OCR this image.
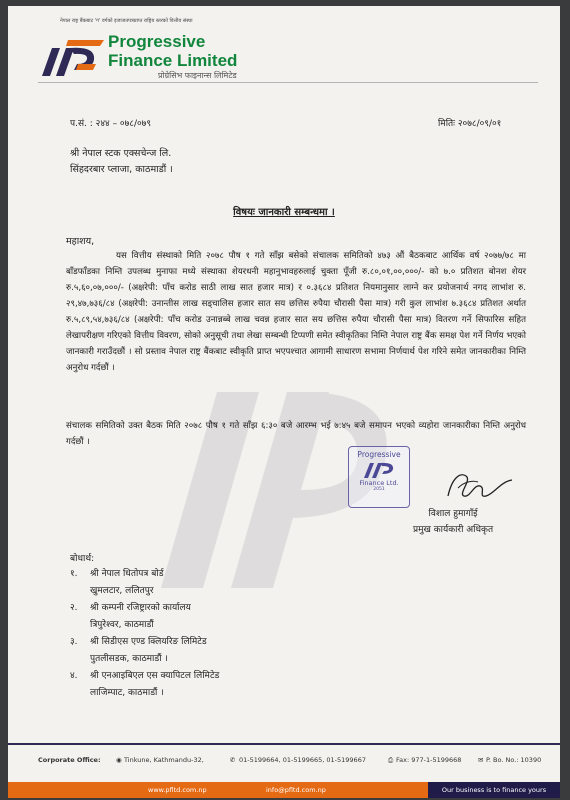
नेपाल राष्ट्र बैंकबाट 'ग' वर्गको इजाजतपत्रप्राप्त राष्ट्रिय स्तरको वित्तीय संस्था
Progressive
Finance Limited
प्रोग्रेसिभ फाइनान्स लिमिटेड
प.सं. : २४४ – ०७८/०७९	मितिः २०७८/०९/०१
श्री नेपाल स्टक एक्सचेन्ज लि.
सिंहदरबार प्लाजा, काठमाडौं ।
विषयः जानकारी सम्बन्धमा ।
महाशय,

यस वित्तीय संस्थाको मिति २०७८ पौष १ गते साँझ बसेको संचालक समितिको ४७३ औं बैठकबाट आर्थिक वर्ष २०७७/७८ मा बाँडफाँडका निम्ति उपलब्ध मुनाफा मध्ये संस्थाका शेयरधनी महानुभावहरुलाई चुक्ता पूँजी रु.८०,०१,००,०००/- को ७.० प्रतिशत बोनश शेयर रु.५,६०,०७,०००/- (अक्षरेपी: पाँच करोड साठी लाख सात हजार मात्र) र ०.३६८४ प्रतिशत नियमानुसार लाग्ने कर प्रयोजनार्थ नगद लाभांश रु. २९,४७,७३६/८४ (अक्षरेपी: उनान्तीस लाख सड्चालिस हजार सात सय छत्तिस रुपैया चौरासी पैसा मात्र) गरी कुल लाभांश ७.३६८४ प्रतिशत अर्थात रु.५,८९,५४,७३६/८४ (अक्षरेपी: पाँच करोड उनान्नब्बे लाख चवन्न हजार सात सय छत्तिस रुपैया चौरासी पैसा मात्र) वितरण गर्ने सिफारिस सहित लेखापरीक्षण गरिएको वित्तीय विवरण, सोको अनुसूची तथा लेखा सम्बन्धी टिप्पणी समेत स्वीकृतिका निम्ति नेपाल राष्ट्र बैंक समक्ष पेश गर्ने निर्णय भएको जानकारी गराउँदछौं । सो प्रस्ताव नेपाल राष्ट्र बैंकबाट स्वीकृति प्राप्त भएपश्चात आगामी साधारण सभामा निर्णयार्थ पेश गरिने समेत जानकारीका निम्ति अनुरोध गर्दछौं ।

संचालक समितिको उक्त बैठक मिति २०७८ पौष १ गते साँझ ६:३० बजे आरम्भ भई ७:४५ बजे समापन भएको व्यहोरा जानकारीका निम्ति अनुरोध गर्दछौं ।

Progressive
Finance Ltd.
2051
विशाल हुमागाँई
प्रमुख कार्यकारी अधिकृत
बोधार्थ:
१. श्री नेपाल धितोपत्र बोर्ड
खुमलटार, ललितपुर
२. श्री कम्पनी रजिष्ट्रारको कार्यालय
त्रिपुरेश्वर, काठमाडौं
३. श्री सिडीएस एण्ड क्लियरिङ लिमिटेड
पुतलीसडक, काठमाडौं ।
४. श्री एनआइबिएल एस क्यापिटल लिमिटेड
लाजिम्पाट, काठमाडौं ।
Corporate Office: ◉ Tinkune, Kathmandu-32,	✆ 01-5199664, 01-5199665, 01-5199667	⎙ Fax: 977-1-5199668	✉ P. Bo. No.: 10390
www.pfltd.com.np	info@pfltd.com.np	Our business is to finance yours
